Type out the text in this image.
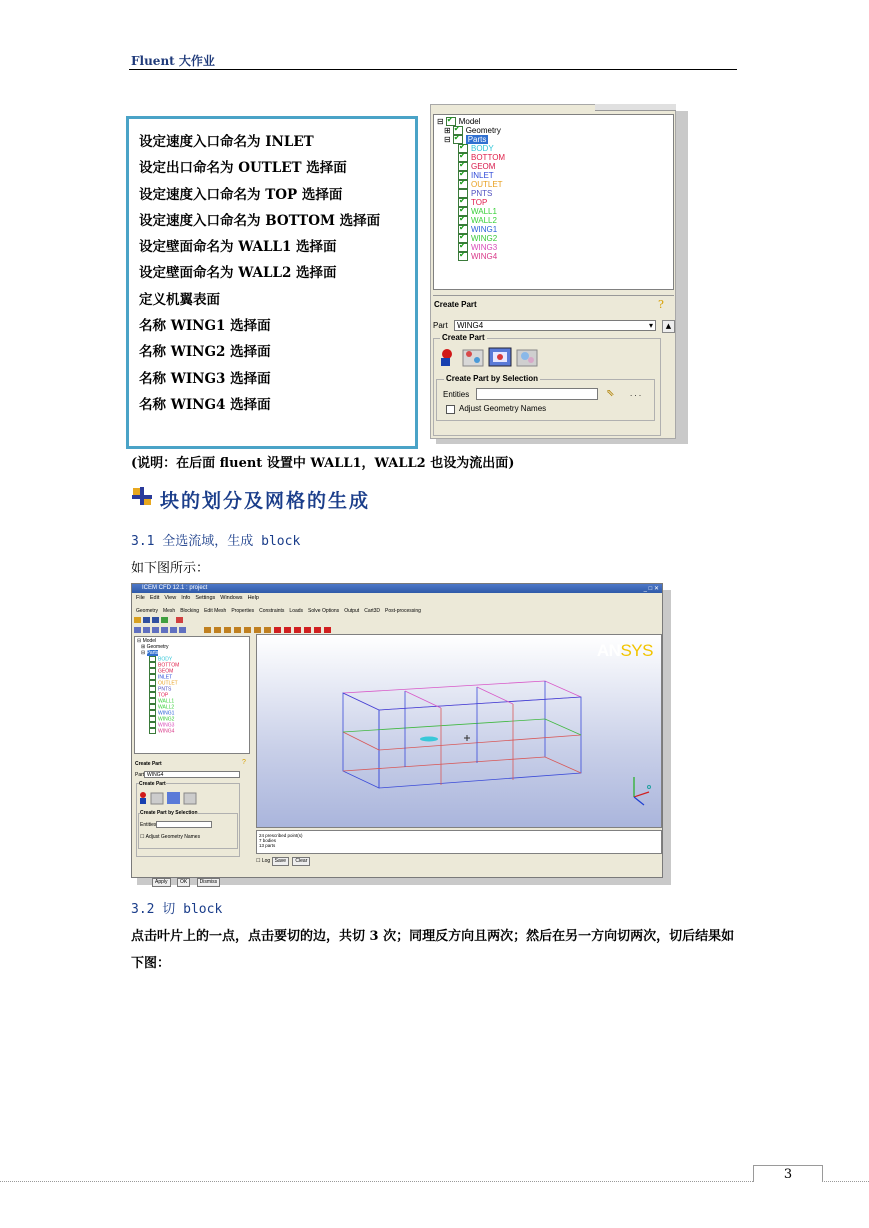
Fluent 大作业
设定速度入口命名为 INLET
设定出口命名为 OUTLET 选择面
设定速度入口命名为 TOP 选择面
设定速度入口命名为 BOTTOM 选择面
设定壁面命名为 WALL1 选择面
设定壁面命名为 WALL2 选择面
定义机翼表面
名称 WING1 选择面
名称 WING2 选择面
名称 WING3 选择面
名称 WING4 选择面
⊟ ✔ Model
⊞ ✔ Geometry
⊟ ✔ Parts
✔BODY
✔BOTTOM
✔GEOM
✔INLET
✔OUTLET
PNTS
✔TOP
✔WALL1
✔WALL2
✔WING1
✔WING2
✔WING3
✔WING4
Create Part	?
Part	WING4	▾	▲
Create Part
Create Part by Selection
Entities	⇖ . . .
Adjust Geometry Names
(说明：在后面 fluent 设置中 WALL1，WALL2 也设为流出面)
块的划分及网格的生成
3.1 全选流域，生成 block
如下图所示：
ICEM CFD 12.1 : project	_ □ ✕
File Edit View Info Settings Windows Help
Geometry Mesh Blocking Edit Mesh Properties Constraints Loads Solve Options Output Cart3D Post-processing
⊟ Model
⊞ Geometry
⊟ Parts
BODY
BOTTOM
GEOM
INLET
OUTLET
PNTS
TOP
WALL1
WALL2
WING1
WING2
WING3
WING4
Create Part	?
Part WING4
Create Part
Create Part by Selection
Entities
☐ Adjust Geometry Names
Apply OK Dismiss
ANSYS
24 prescribed point(s)
7 bodies
13 parts
☐ Log Save Clear
3.2 切 block
点击叶片上的一点，点击要切的边，共切 3 次；同理反方向且两次；然后在另一方向切两次，切后结果如下图：
3
